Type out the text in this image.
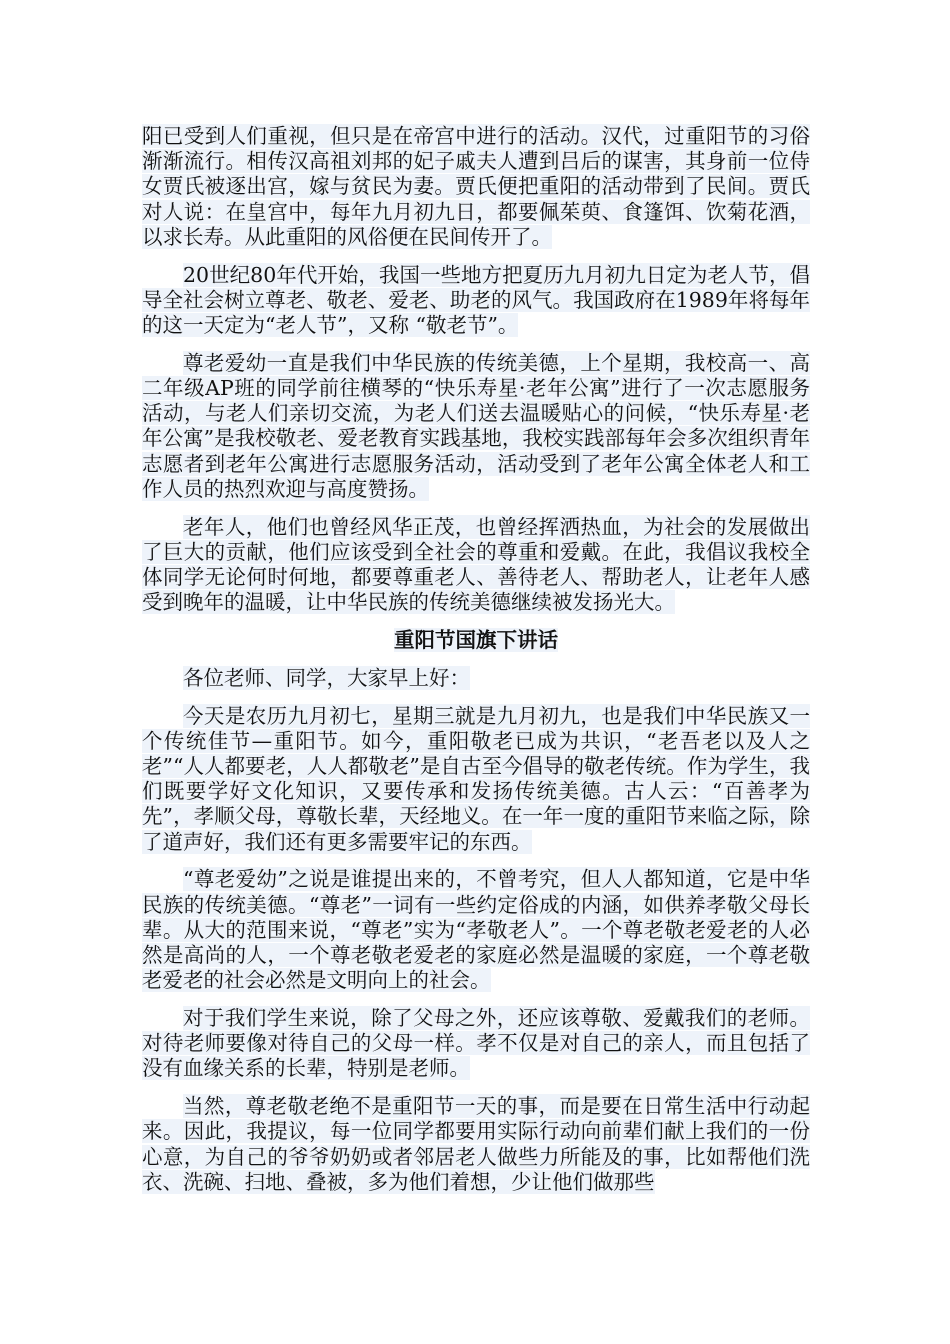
阳已受到人们重视，但只是在帝宫中进行的活动。汉代，过重阳节的习俗渐渐流行。相传汉高祖刘邦的妃子戚夫人遭到吕后的谋害，其身前一位侍女贾氏被逐出宫，嫁与贫民为妻。贾氏便把重阳的活动带到了民间。贾氏对人说：在皇宫中，每年九月初九日，都要佩茱萸、食篷饵、饮菊花酒，以求长寿。从此重阳的风俗便在民间传开了。

20世纪80年代开始，我国一些地方把夏历九月初九日定为老人节，倡导全社会树立尊老、敬老、爱老、助老的风气。我国政府在1989年将每年的这一天定为“老人节”，又称 “敬老节”。

尊老爱幼一直是我们中华民族的传统美德，上个星期，我校高一、高二年级AP班的同学前往横琴的“快乐寿星·老年公寓”进行了一次志愿服务活动，与老人们亲切交流，为老人们送去温暖贴心的问候，“快乐寿星·老年公寓”是我校敬老、爱老教育实践基地，我校实践部每年会多次组织青年志愿者到老年公寓进行志愿服务活动，活动受到了老年公寓全体老人和工作人员的热烈欢迎与高度赞扬。

老年人，他们也曾经风华正茂，也曾经挥洒热血，为社会的发展做出了巨大的贡献，他们应该受到全社会的尊重和爱戴。在此，我倡议我校全体同学无论何时何地，都要尊重老人、善待老人、帮助老人，让老年人感受到晚年的温暖，让中华民族的传统美德继续被发扬光大。

重阳节国旗下讲话

各位老师、同学，大家早上好：

今天是农历九月初七，星期三就是九月初九，也是我们中华民族又一个传统佳节—重阳节。如今，重阳敬老已成为共识，“老吾老以及人之老”“人人都要老，人人都敬老”是自古至今倡导的敬老传统。作为学生，我们既要学好文化知识，又要传承和发扬传统美德。古人云：“百善孝为先”，孝顺父母，尊敬长辈，天经地义。在一年一度的重阳节来临之际，除了道声好，我们还有更多需要牢记的东西。

“尊老爱幼”之说是谁提出来的，不曾考究，但人人都知道，它是中华民族的传统美德。“尊老”一词有一些约定俗成的内涵，如供养孝敬父母长辈。从大的范围来说，“尊老”实为“孝敬老人”。一个尊老敬老爱老的人必然是高尚的人，一个尊老敬老爱老的家庭必然是温暖的家庭，一个尊老敬老爱老的社会必然是文明向上的社会。

对于我们学生来说，除了父母之外，还应该尊敬、爱戴我们的老师。对待老师要像对待自己的父母一样。孝不仅是对自己的亲人，而且包括了没有血缘关系的长辈，特别是老师。

当然，尊老敬老绝不是重阳节一天的事，而是要在日常生活中行动起来。因此，我提议，每一位同学都要用实际行动向前辈们献上我们的一份心意，为自己的爷爷奶奶或者邻居老人做些力所能及的事，比如帮他们洗衣、洗碗、扫地、叠被，多为他们着想，少让他们做那些
